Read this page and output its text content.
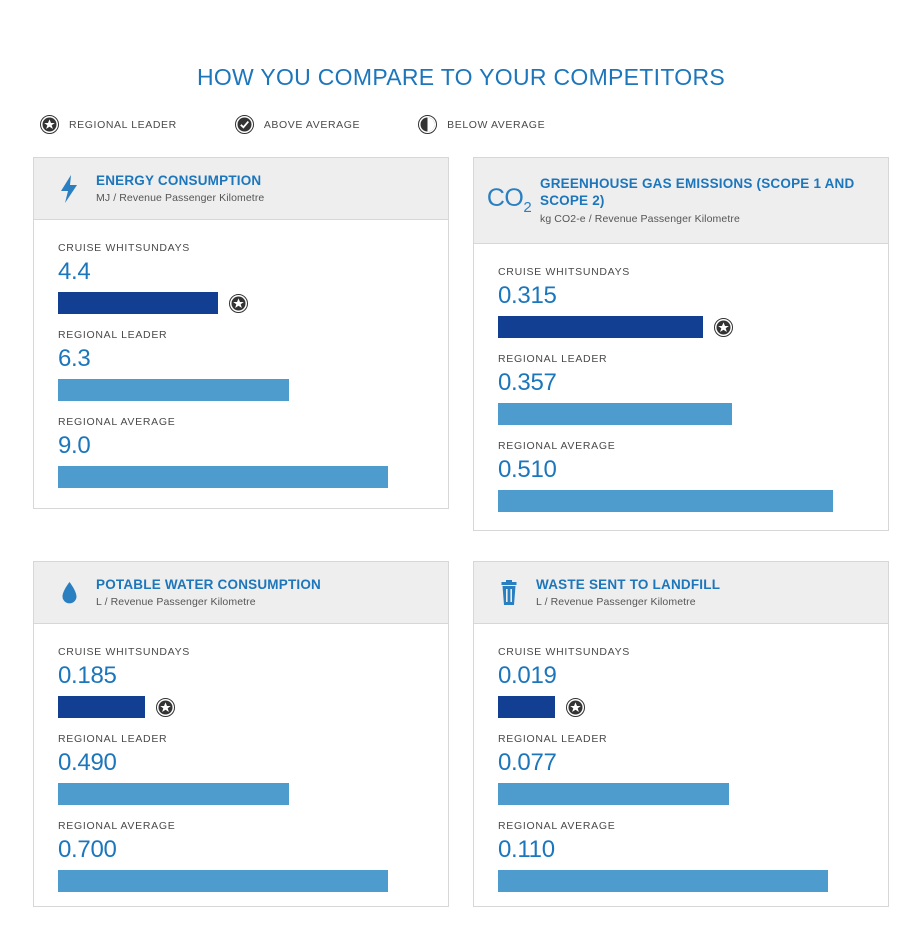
HOW YOU COMPARE TO YOUR COMPETITORS
REGIONAL LEADER	ABOVE AVERAGE	BELOW AVERAGE
ENERGY CONSUMPTION
MJ / Revenue Passenger Kilometre
CRUISE WHITSUNDAYS
4.4
REGIONAL LEADER
6.3
REGIONAL AVERAGE
9.0
$CO_2$
GREENHOUSE GAS EMISSIONS (SCOPE 1 AND SCOPE 2)
kg CO2-e / Revenue Passenger Kilometre
CRUISE WHITSUNDAYS
0.315
REGIONAL LEADER
0.357
REGIONAL AVERAGE
0.510
POTABLE WATER CONSUMPTION
L / Revenue Passenger Kilometre
CRUISE WHITSUNDAYS
0.185
REGIONAL LEADER
0.490
REGIONAL AVERAGE
0.700
WASTE SENT TO LANDFILL
L / Revenue Passenger Kilometre
CRUISE WHITSUNDAYS
0.019
REGIONAL LEADER
0.077
REGIONAL AVERAGE
0.110
